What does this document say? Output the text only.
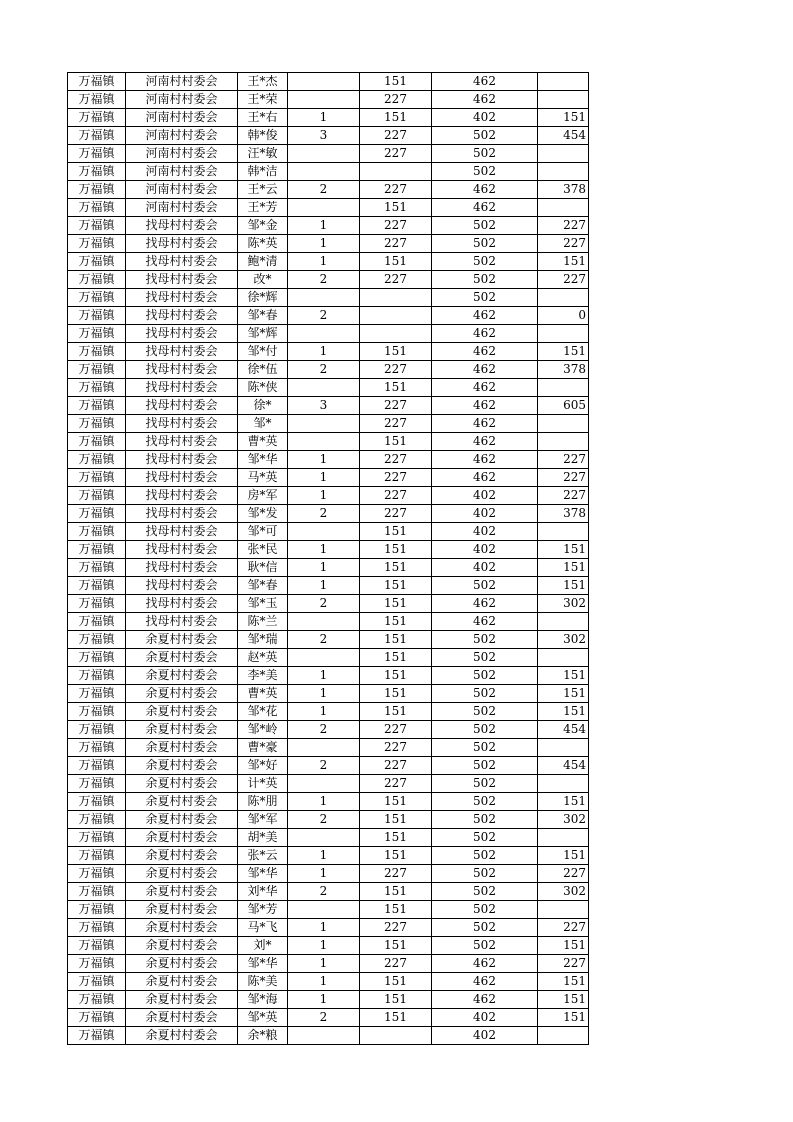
万福镇	河南村村委会	王*杰		151	462	
万福镇	河南村村委会	王*荣		227	462	
万福镇	河南村村委会	王*右	1	151	402	151
万福镇	河南村村委会	韩*俊	3	227	502	454
万福镇	河南村村委会	汪*敏		227	502	
万福镇	河南村村委会	韩*洁			502	
万福镇	河南村村委会	王*云	2	227	462	378
万福镇	河南村村委会	王*芳		151	462	
万福镇	找母村村委会	邹*金	1	227	502	227
万福镇	找母村村委会	陈*英	1	227	502	227
万福镇	找母村村委会	鲍*清	1	151	502	151
万福镇	找母村村委会	改*	2	227	502	227
万福镇	找母村村委会	徐*辉			502	
万福镇	找母村村委会	邹*春	2		462	0
万福镇	找母村村委会	邹*辉			462	
万福镇	找母村村委会	邹*付	1	151	462	151
万福镇	找母村村委会	徐*伍	2	227	462	378
万福镇	找母村村委会	陈*侠		151	462	
万福镇	找母村村委会	徐*	3	227	462	605
万福镇	找母村村委会	邹*		227	462	
万福镇	找母村村委会	曹*英		151	462	
万福镇	找母村村委会	邹*华	1	227	462	227
万福镇	找母村村委会	马*英	1	227	462	227
万福镇	找母村村委会	房*军	1	227	402	227
万福镇	找母村村委会	邹*发	2	227	402	378
万福镇	找母村村委会	邹*可		151	402	
万福镇	找母村村委会	张*民	1	151	402	151
万福镇	找母村村委会	耿*信	1	151	402	151
万福镇	找母村村委会	邹*春	1	151	502	151
万福镇	找母村村委会	邹*玉	2	151	462	302
万福镇	找母村村委会	陈*兰		151	462	
万福镇	余夏村村委会	邹*瑞	2	151	502	302
万福镇	余夏村村委会	赵*英		151	502	
万福镇	余夏村村委会	李*美	1	151	502	151
万福镇	余夏村村委会	曹*英	1	151	502	151
万福镇	余夏村村委会	邹*花	1	151	502	151
万福镇	余夏村村委会	邹*岭	2	227	502	454
万福镇	余夏村村委会	曹*豪		227	502	
万福镇	余夏村村委会	邹*好	2	227	502	454
万福镇	余夏村村委会	计*英		227	502	
万福镇	余夏村村委会	陈*朋	1	151	502	151
万福镇	余夏村村委会	邹*军	2	151	502	302
万福镇	余夏村村委会	胡*美		151	502	
万福镇	余夏村村委会	张*云	1	151	502	151
万福镇	余夏村村委会	邹*华	1	227	502	227
万福镇	余夏村村委会	刘*华	2	151	502	302
万福镇	余夏村村委会	邹*芳		151	502	
万福镇	余夏村村委会	马*飞	1	227	502	227
万福镇	余夏村村委会	刘*	1	151	502	151
万福镇	余夏村村委会	邹*华	1	227	462	227
万福镇	余夏村村委会	陈*美	1	151	462	151
万福镇	余夏村村委会	邹*海	1	151	462	151
万福镇	余夏村村委会	邹*英	2	151	402	151
万福镇	余夏村村委会	余*粮			402	
